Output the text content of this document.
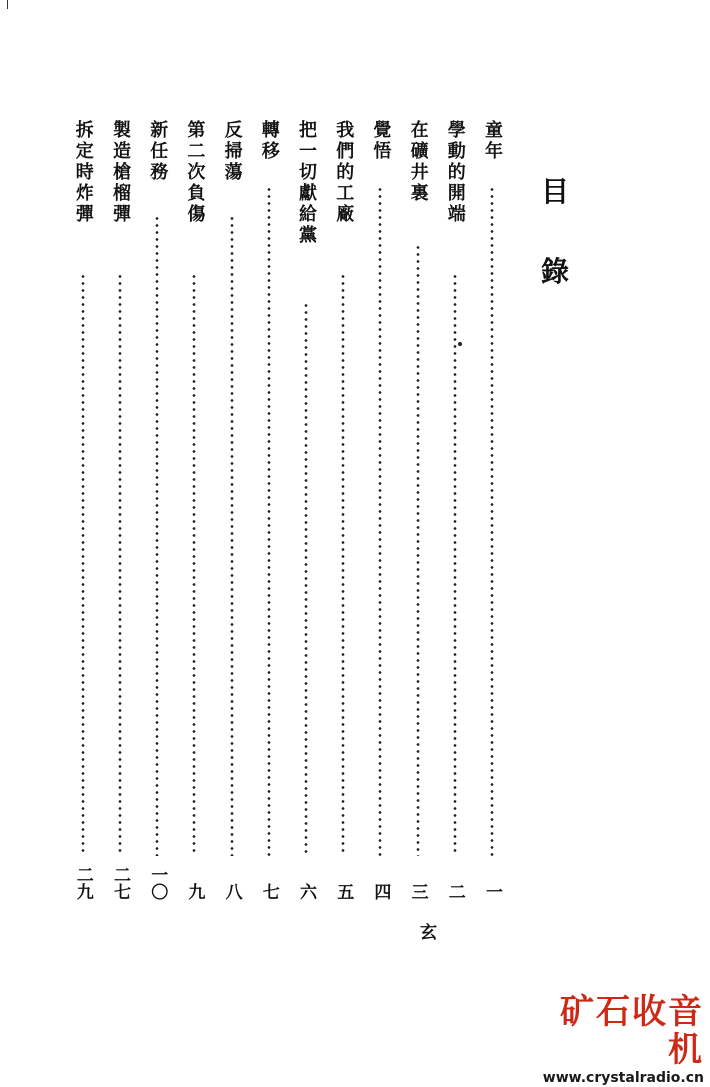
目
錄
童年
一
學動的開端
二
在礦井裏
三
覺悟
四
我們的工廠
五
把一切獻給黨
六
轉移
七
反掃蕩
八
第二次負傷
九
新任務
一〇
製造槍榴彈
二七
拆定時炸彈
二九
玄
矿石收音机
www.crystalradio.cn
